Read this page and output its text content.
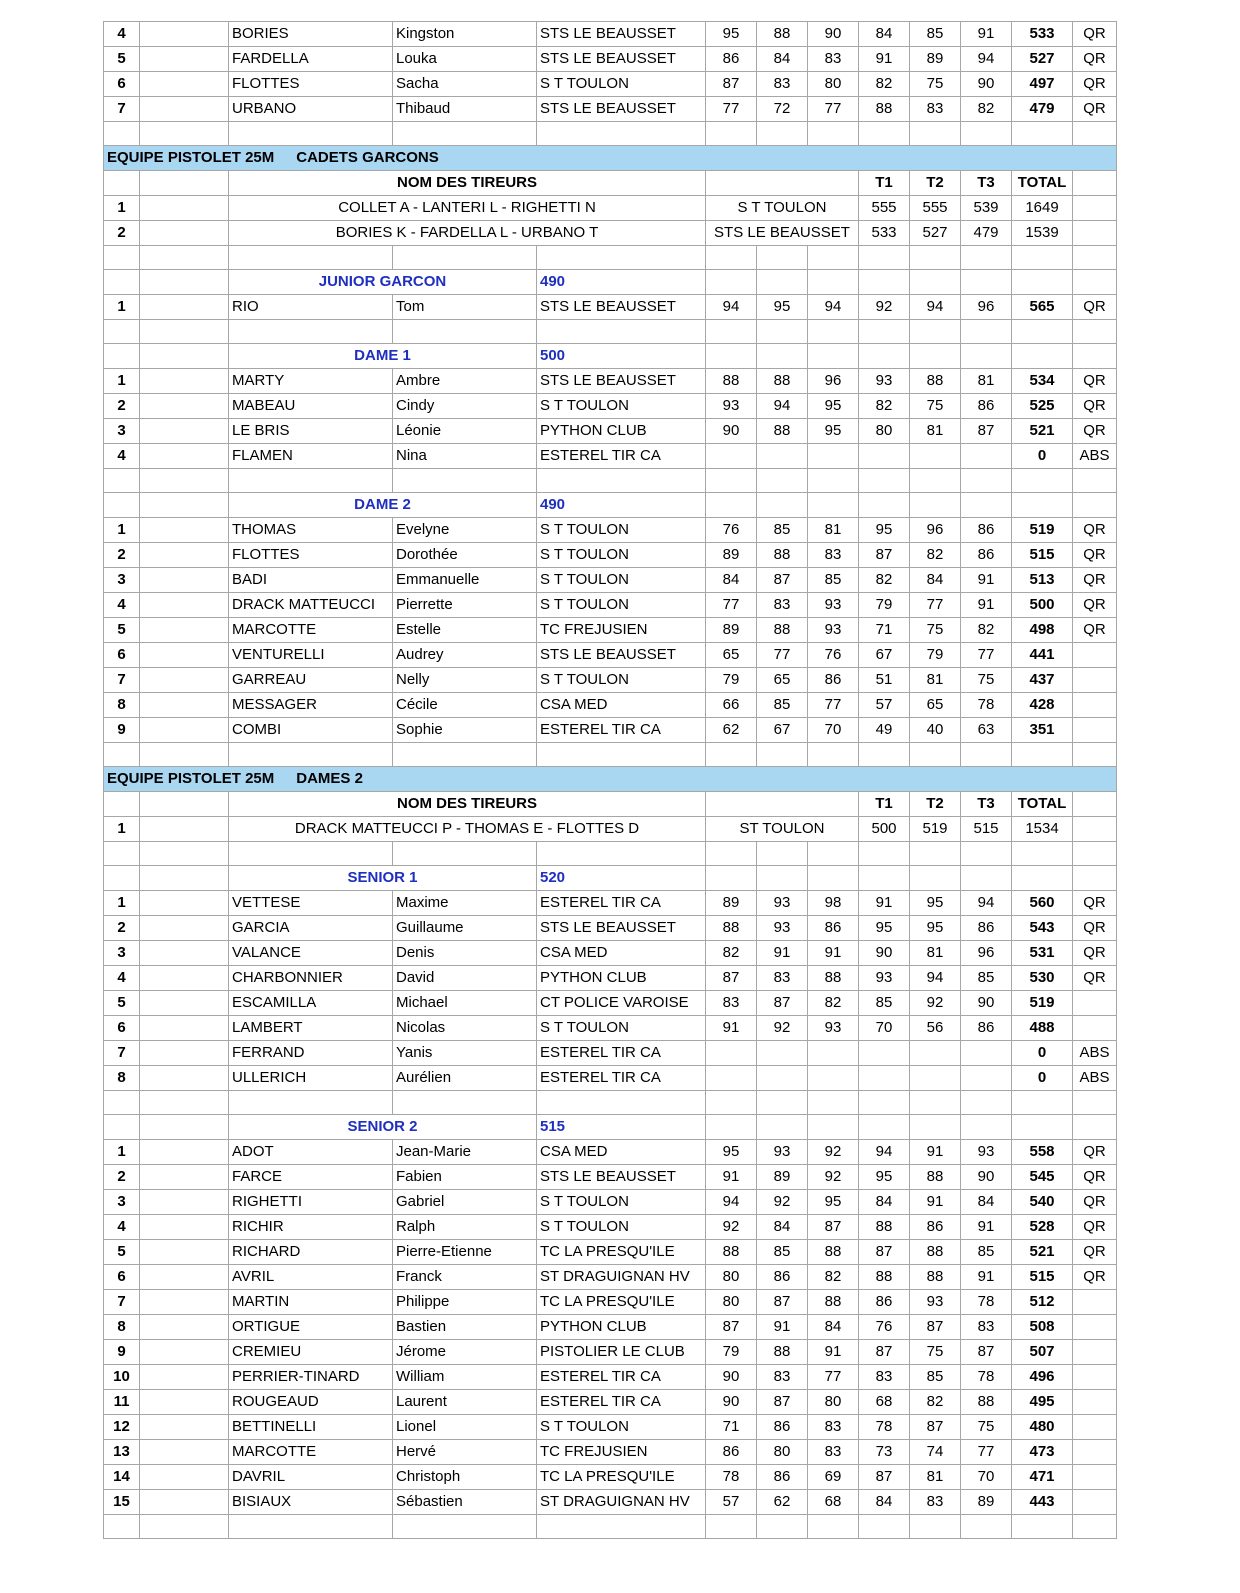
4		BORIES	Kingston	STS LE BEAUSSET	95	88	90	84	85	91	533	QR
5		FARDELLA	Louka	STS LE BEAUSSET	86	84	83	91	89	94	527	QR
6		FLOTTES	Sacha	S T TOULON	87	83	80	82	75	90	497	QR
7		URBANO	Thibaud	STS LE BEAUSSET	77	72	77	88	83	82	479	QR

EQUIPE PISTOLET 25M CADETS GARCONS												
		NOM DES TIREURS						T1	T2	T3	TOTAL	
1		COLLET A - LANTERI L - RIGHETTI N			S T TOULON			555	555	539	1649	
2		BORIES K - FARDELLA L - URBANO T			STS LE BEAUSSET			533	527	479	1539	

		JUNIOR GARCON		490								
1		RIO	Tom	STS LE BEAUSSET	94	95	94	92	94	96	565	QR

		DAME 1		500								
1		MARTY	Ambre	STS LE BEAUSSET	88	88	96	93	88	81	534	QR
2		MABEAU	Cindy	S T TOULON	93	94	95	82	75	86	525	QR
3		LE BRIS	Léonie	PYTHON CLUB	90	88	95	80	81	87	521	QR
4		FLAMEN	Nina	ESTEREL TIR CA							0	ABS

		DAME 2		490								
1		THOMAS	Evelyne	S T TOULON	76	85	81	95	96	86	519	QR
2		FLOTTES	Dorothée	S T TOULON	89	88	83	87	82	86	515	QR
3		BADI	Emmanuelle	S T TOULON	84	87	85	82	84	91	513	QR
4		DRACK MATTEUCCI	Pierrette	S T TOULON	77	83	93	79	77	91	500	QR
5		MARCOTTE	Estelle	TC FREJUSIEN	89	88	93	71	75	82	498	QR
6		VENTURELLI	Audrey	STS LE BEAUSSET	65	77	76	67	79	77	441	
7		GARREAU	Nelly	S T TOULON	79	65	86	51	81	75	437	
8		MESSAGER	Cécile	CSA MED	66	85	77	57	65	78	428	
9		COMBI	Sophie	ESTEREL TIR CA	62	67	70	49	40	63	351	

EQUIPE PISTOLET 25M DAMES 2												
		NOM DES TIREURS						T1	T2	T3	TOTAL	
1		DRACK MATTEUCCI P - THOMAS E - FLOTTES D			ST TOULON			500	519	515	1534	

		SENIOR 1		520								
1		VETTESE	Maxime	ESTEREL TIR CA	89	93	98	91	95	94	560	QR
2		GARCIA	Guillaume	STS LE BEAUSSET	88	93	86	95	95	86	543	QR
3		VALANCE	Denis	CSA MED	82	91	91	90	81	96	531	QR
4		CHARBONNIER	David	PYTHON CLUB	87	83	88	93	94	85	530	QR
5		ESCAMILLA	Michael	CT POLICE VAROISE	83	87	82	85	92	90	519	
6		LAMBERT	Nicolas	S T TOULON	91	92	93	70	56	86	488	
7		FERRAND	Yanis	ESTEREL TIR CA							0	ABS
8		ULLERICH	Aurélien	ESTEREL TIR CA							0	ABS

		SENIOR 2		515								
1		ADOT	Jean-Marie	CSA MED	95	93	92	94	91	93	558	QR
2		FARCE	Fabien	STS LE BEAUSSET	91	89	92	95	88	90	545	QR
3		RIGHETTI	Gabriel	S T TOULON	94	92	95	84	91	84	540	QR
4		RICHIR	Ralph	S T TOULON	92	84	87	88	86	91	528	QR
5		RICHARD	Pierre-Etienne	TC LA PRESQU'ILE	88	85	88	87	88	85	521	QR
6		AVRIL	Franck	ST DRAGUIGNAN HV	80	86	82	88	88	91	515	QR
7		MARTIN	Philippe	TC LA PRESQU'ILE	80	87	88	86	93	78	512	
8		ORTIGUE	Bastien	PYTHON CLUB	87	91	84	76	87	83	508	
9		CREMIEU	Jérome	PISTOLIER LE CLUB	79	88	91	87	75	87	507	
10		PERRIER-TINARD	William	ESTEREL TIR CA	90	83	77	83	85	78	496	
11		ROUGEAUD	Laurent	ESTEREL TIR CA	90	87	80	68	82	88	495	
12		BETTINELLI	Lionel	S T TOULON	71	86	83	78	87	75	480	
13		MARCOTTE	Hervé	TC FREJUSIEN	86	80	83	73	74	77	473	
14		DAVRIL	Christoph	TC LA PRESQU'ILE	78	86	69	87	81	70	471	
15		BISIAUX	Sébastien	ST DRAGUIGNAN HV	57	62	68	84	83	89	443	
